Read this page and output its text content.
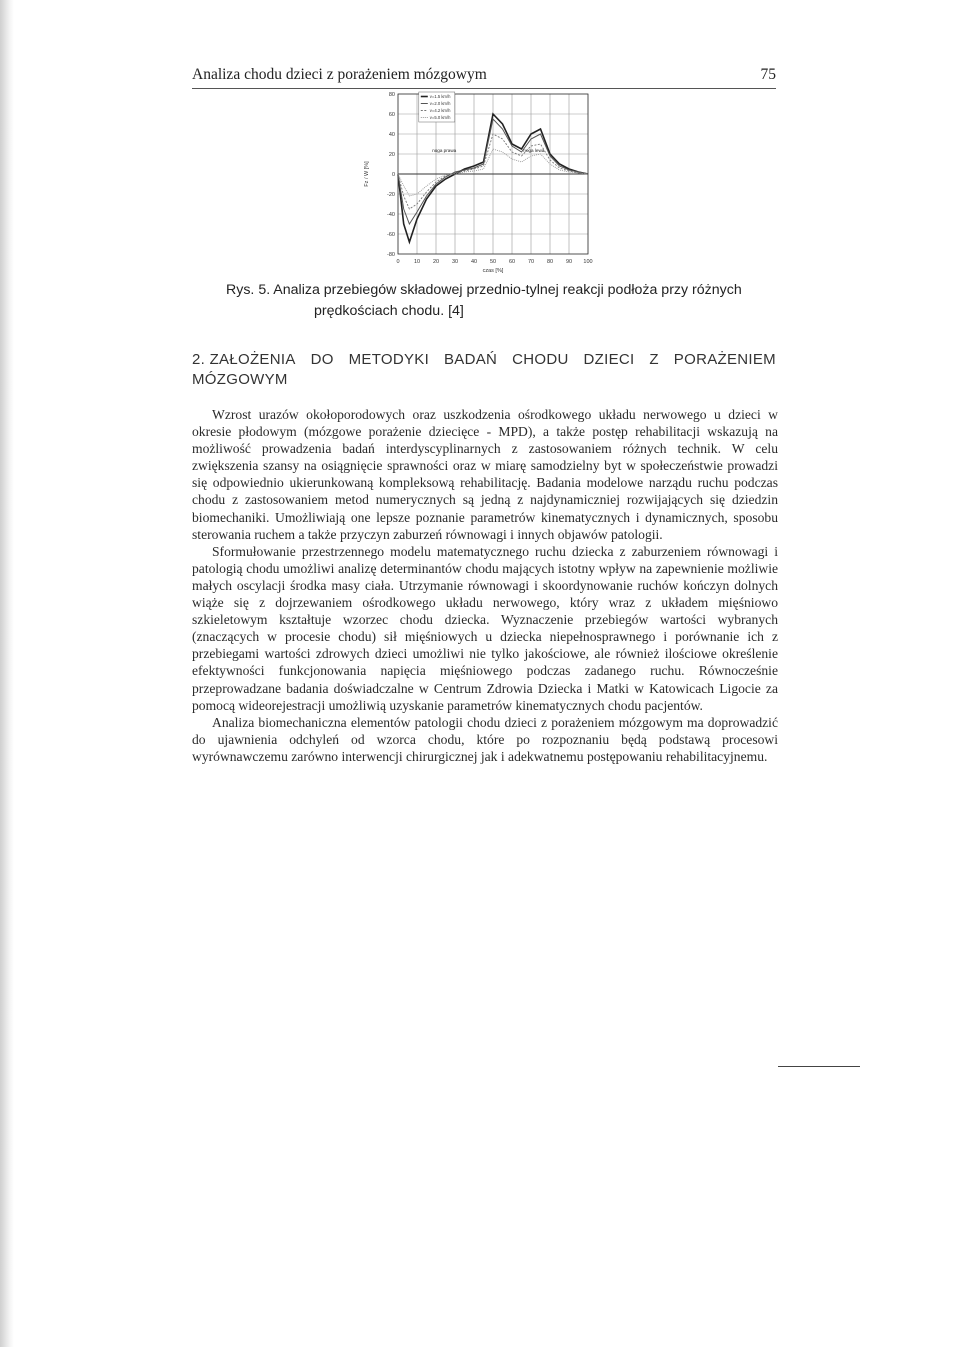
Analiza chodu dzieci z porażeniem mózgowym	75
0	10 20 30 40 50 60 70 80 90 100
80
60
40
20
0
-20
-40
-60
-80
v=1.5 km/h
v=2.0 km/h
v=4.2 km/h
v=5.0 km/h
noga prawa	noga lewa
czas [%]
Fz / W [%]
Rys. 5. Analiza przebiegów składowej przednio-tylnej reakcji podłoża przy różnych
prędkościach chodu. [4]
2. ZAŁOŻENIA DO METODYKI BADAŃ CHODU DZIECI Z PORAŻENIEM
MÓZGOWYM

Wzrost urazów okołoporodowych oraz uszkodzenia ośrodkowego układu nerwowego u dzieci w okresie płodowym (mózgowe porażenie dziecięce - MPD), a także postęp rehabilitacji wskazują na możliwość prowadzenia badań interdyscyplinarnych z zastosowaniem różnych technik. W celu zwiększenia szansy na osiągnięcie sprawności oraz w miarę samodzielny byt w społeczeństwie prowadzi się odpowiednio ukierunkowaną kompleksową rehabilitację. Badania modelowe narządu ruchu podczas chodu z zastosowaniem metod numerycznych są jedną z najdynamiczniej rozwijających się dziedzin biomechaniki. Umożliwiają one lepsze poznanie parametrów kinematycznych i dynamicznych, sposobu sterowania ruchem a także przyczyn zaburzeń równowagi i innych objawów patologii.

Sformułowanie przestrzennego modelu matematycznego ruchu dziecka z zaburzeniem równowagi i patologią chodu umożliwi analizę determinantów chodu mających istotny wpływ na zapewnienie możliwie małych oscylacji środka masy ciała. Utrzymanie równowagi i skoordynowanie ruchów kończyn dolnych wiąże się z dojrzewaniem ośrodkowego układu nerwowego, który wraz z układem mięśniowo szkieletowym kształtuje wzorzec chodu dziecka. Wyznaczenie przebiegów wartości wybranych (znaczących w procesie chodu) sił mięśniowych u dziecka niepełnosprawnego i porównanie ich z przebiegami wartości zdrowych dzieci umożliwi nie tylko jakościowe, ale również ilościowe określenie efektywności funkcjonowania napięcia mięśniowego podczas zadanego ruchu. Równocześnie przeprowadzane badania doświadczalne w Centrum Zdrowia Dziecka i Matki w Katowicach Ligocie za pomocą wideorejestracji umożliwią uzyskanie parametrów kinematycznych chodu pacjentów.

Analiza biomechaniczna elementów patologii chodu dzieci z porażeniem mózgowym ma doprowadzić do ujawnienia odchyleń od wzorca chodu, które po rozpoznaniu będą podstawą procesowi wyrównawczemu zarówno interwencji chirurgicznej jak i adekwatnemu postępowaniu rehabilitacyjnemu.
